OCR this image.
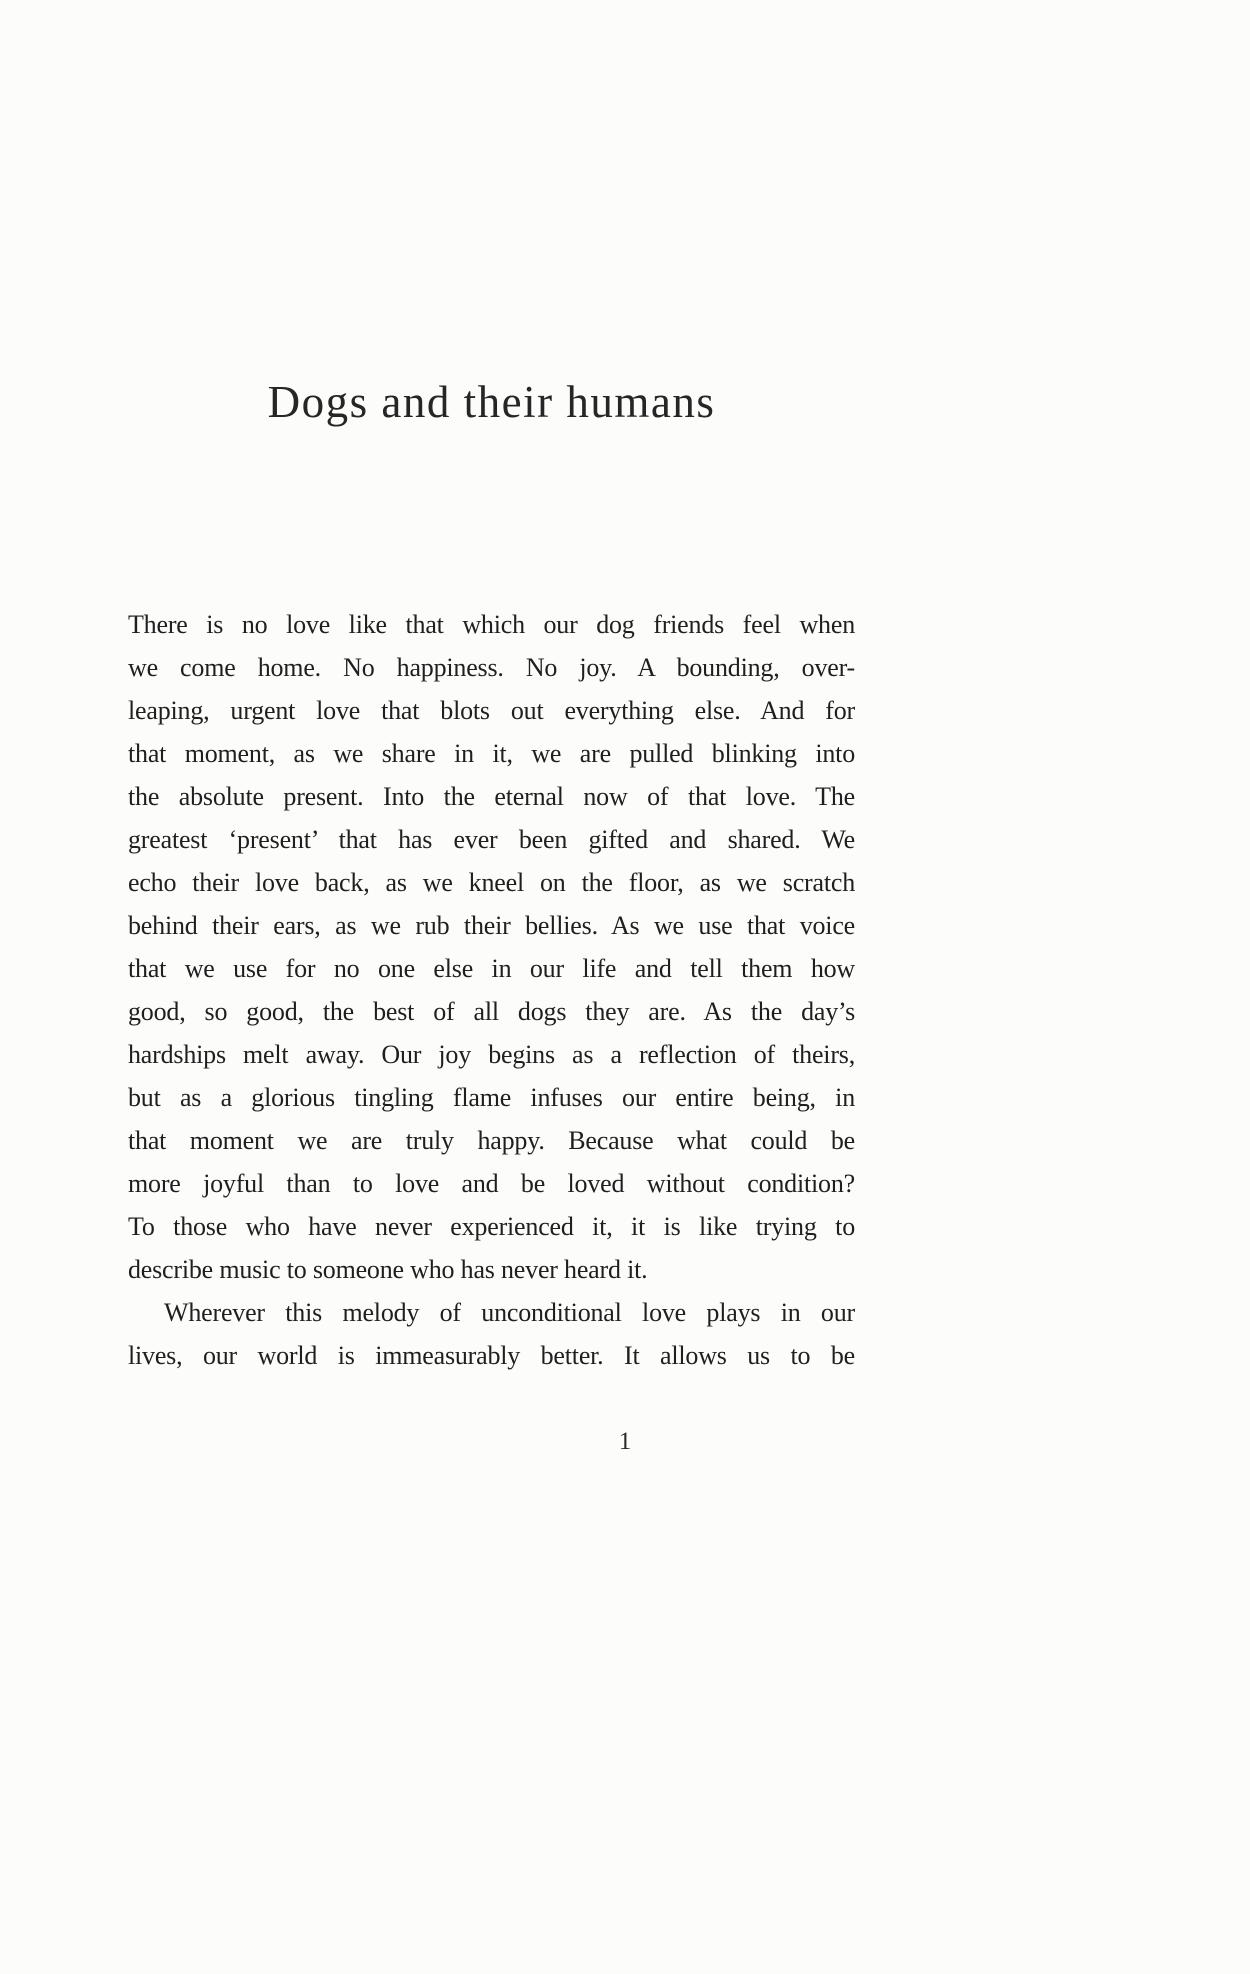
Dogs and their humans
There is no love like that which our dog friends feel when
we come home. No happiness. No joy. A bounding, over-
leaping, urgent love that blots out everything else. And for
that moment, as we share in it, we are pulled blinking into
the absolute present. Into the eternal now of that love. The
greatest ‘present’ that has ever been gifted and shared. We
echo their love back, as we kneel on the floor, as we scratch
behind their ears, as we rub their bellies. As we use that voice
that we use for no one else in our life and tell them how
good, so good, the best of all dogs they are. As the day’s
hardships melt away. Our joy begins as a reflection of theirs,
but as a glorious tingling flame infuses our entire being, in
that moment we are truly happy. Because what could be
more joyful than to love and be loved without condition?
To those who have never experienced it, it is like trying to
describe music to someone who has never heard it.
Wherever this melody of unconditional love plays in our
lives, our world is immeasurably better. It allows us to be
1
